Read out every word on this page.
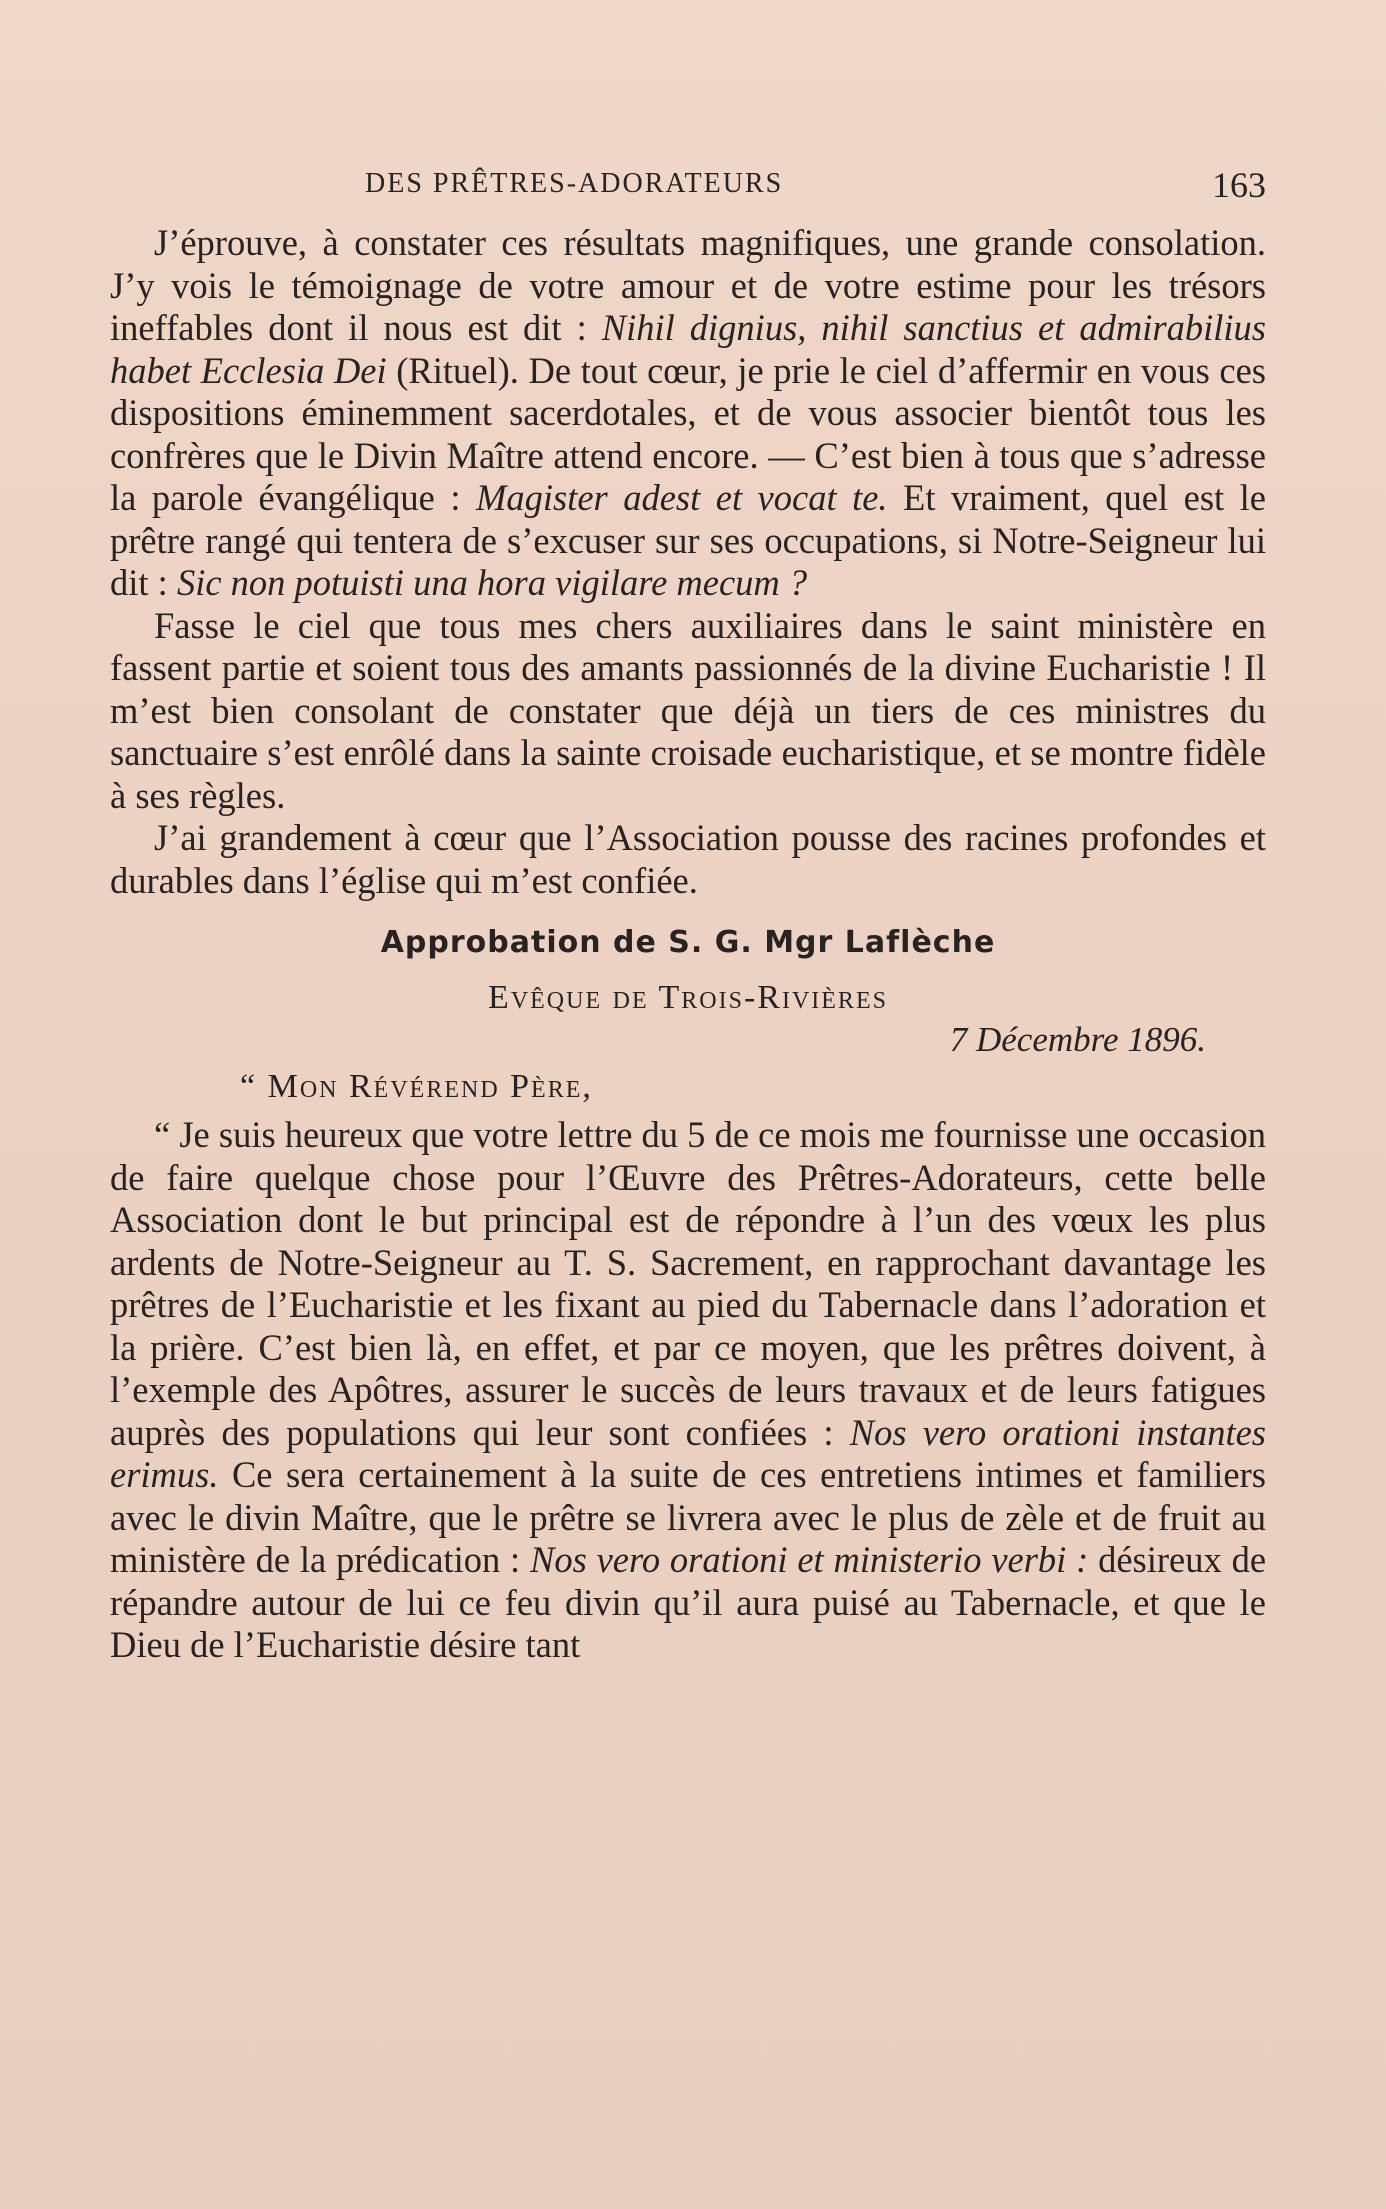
DES PRÊTRES-ADORATEURS	163

J’éprouve, à constater ces résultats magnifiques, une grande consolation. J’y vois le témoignage de votre amour et de votre estime pour les trésors ineffables dont il nous est dit : Nihil dignius, nihil sanctius et admirabilius habet Ecclesia Dei (Rituel). De tout cœur, je prie le ciel d’affermir en vous ces dispositions éminemment sacerdotales, et de vous associer bientôt tous les confrères que le Divin Maître attend encore. — C’est bien à tous que s’adresse la parole évangélique : Magister adest et vocat te. Et vraiment, quel est le prêtre rangé qui tentera de s’excuser sur ses occupations, si Notre-Seigneur lui dit : Sic non potuisti una hora vigilare mecum ?

Fasse le ciel que tous mes chers auxiliaires dans le saint ministère en fassent partie et soient tous des amants passionnés de la divine Eucharistie ! Il m’est bien consolant de constater que déjà un tiers de ces ministres du sanctuaire s’est enrôlé dans la sainte croisade eucharistique, et se montre fidèle à ses règles.

J’ai grandement à cœur que l’Association pousse des racines profondes et durables dans l’église qui m’est confiée.

Approbation de S. G. Mgr Laflèche

Evêque de Trois-Rivières

7 Décembre 1896.

“ Mon Révérend Père,

“ Je suis heureux que votre lettre du 5 de ce mois me fournisse une occasion de faire quelque chose pour l’Œuvre des Prêtres-Adorateurs, cette belle Association dont le but principal est de répondre à l’un des vœux les plus ardents de Notre-Seigneur au T. S. Sacrement, en rapprochant davantage les prêtres de l’Eucharistie et les fixant au pied du Tabernacle dans l’adoration et la prière. C’est bien là, en effet, et par ce moyen, que les prêtres doivent, à l’exemple des Apôtres, assurer le succès de leurs travaux et de leurs fatigues auprès des populations qui leur sont confiées : Nos vero orationi instantes erimus. Ce sera certainement à la suite de ces entretiens intimes et familiers avec le divin Maître, que le prêtre se livrera avec le plus de zèle et de fruit au ministère de la prédication : Nos vero orationi et ministerio verbi : désireux de répandre autour de lui ce feu divin qu’il aura puisé au Tabernacle, et que le Dieu de l’Eucharistie désire tant
